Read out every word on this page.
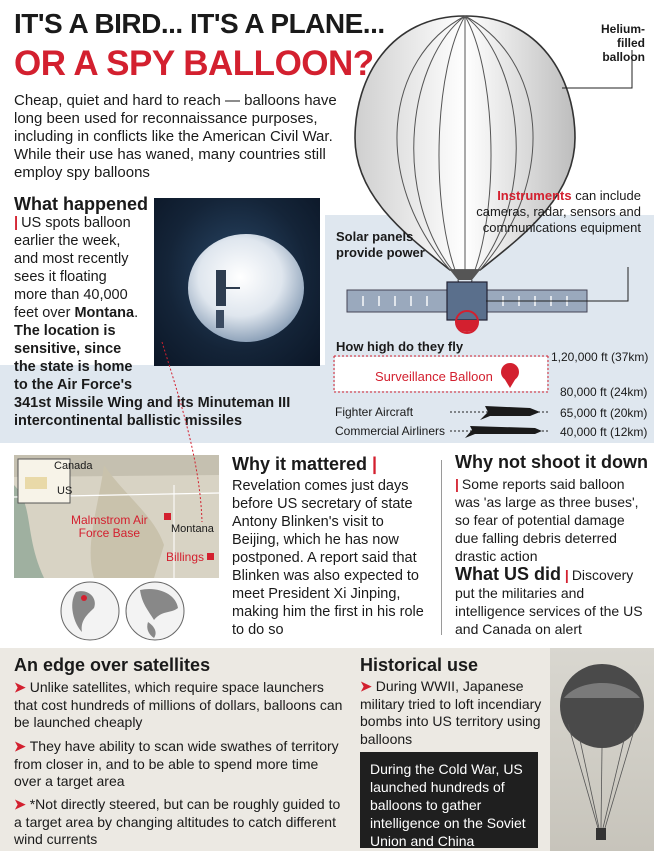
IT'S A BIRD... IT'S A PLANE...
OR A SPY BALLOON?
Cheap, quiet and hard to reach — balloons have long been used for reconnaissance purposes, including in conflicts like the American Civil War. While their use has waned, many countries still employ spy balloons
Helium-filled
balloon
Instruments can include cameras, radar, sensors and communications equipment
Solar panels
provide power
What happened
| US spots balloon
earlier the week,
and most recently
sees it floating
more than 40,000
feet over Montana.
The location is
sensitive, since
the state is home
to the Air Force's
341st Missile Wing and its Minuteman III
intercontinental ballistic missiles
How high do they fly
Surveillance Balloon
Fighter Aircraft
Commercial Airliners
1,20,000 ft (37km)
80,000 ft (24km)
65,000 ft (20km)
40,000 ft (12km)
Canada
US
Malmstrom Air
Force Base	Montana
Billings
Why it mattered |
Revelation comes just days before US secretary of state Antony Blinken's visit to Beijing, which he has now postponed. A report said that Blinken was also expected to meet President Xi Jinping, making him the first in his role to do so
Why not shoot it down
| Some reports said balloon was 'as large as three buses', so fear of potential damage due falling debris deterred drastic action
What US did | Discovery put the militaries and intelligence services of the US and Canada on alert
An edge over satellites
➤ Unlike satellites, which require space launchers that cost hundreds of millions of dollars, balloons can be launched cheaply
➤ They have ability to scan wide swathes of territory from closer in, and to be able to spend more time over a target area
➤ *Not directly steered, but can be roughly guided to a target area by changing altitudes to catch different wind currents
Historical use
➤ During WWII, Japanese military tried to loft incendiary bombs into US territory using balloons
During the Cold War, US launched hundreds of balloons to gather intelligence on the Soviet Union and China
